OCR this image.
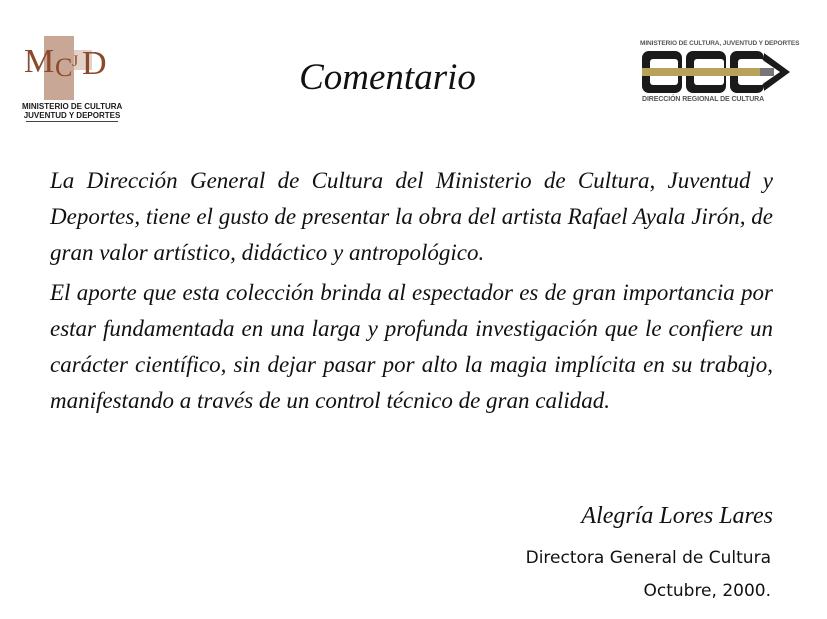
M C J D
MINISTERIO DE CULTURA
JUVENTUD Y DEPORTES
Comentario
MINISTERIO DE CULTURA, JUVENTUD Y DEPORTES
DIRECCIÓN REGIONAL DE CULTURA

La Dirección General de Cultura del Ministerio de Cultura, Juventud y Deportes, tiene el gusto de presentar la obra del artista Rafael Ayala Jirón, de gran valor artístico, didáctico y antropológico.

El aporte que esta colección brinda al espectador es de gran importancia por estar fundamentada en una larga y profunda investigación que le confiere un carácter científico, sin dejar pasar por alto la magia implícita en su trabajo, manifestando a través de un control técnico de gran calidad.

Alegría Lores Lares
Directora General de Cultura
Octubre, 2000.
